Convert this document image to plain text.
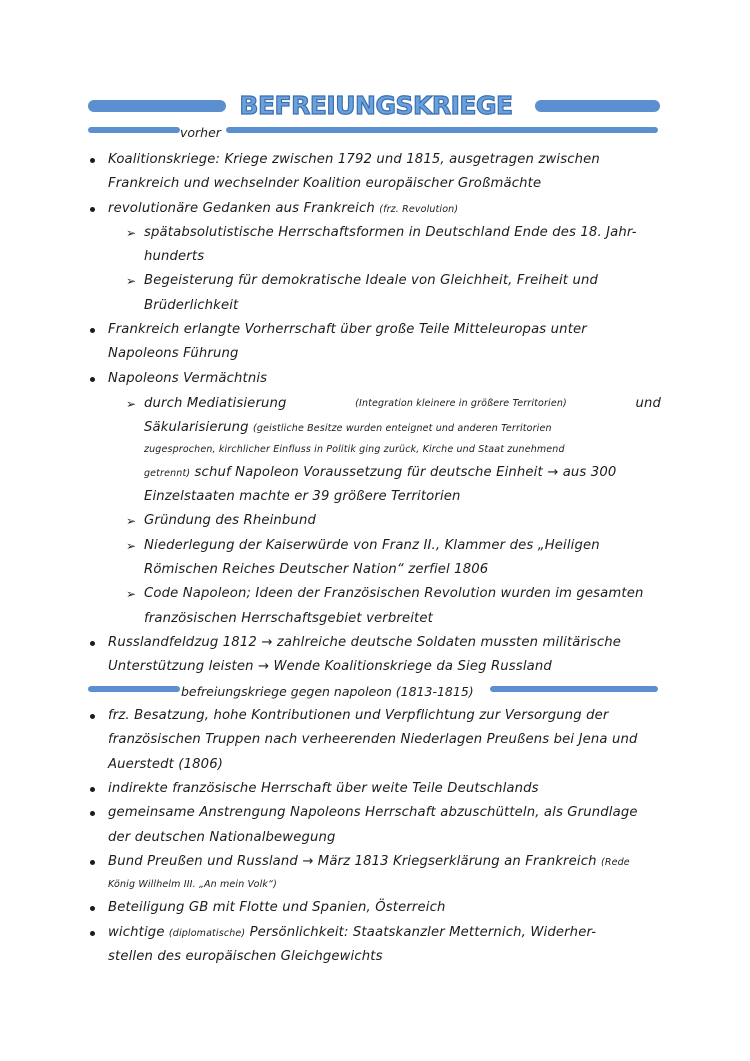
BEFREIUNGSKRIEGE
vorher
Koalitionskriege: Kriege zwischen 1792 und 1815, ausgetragen zwischen
Frankreich und wechselnder Koalition europäischer Großmächte
revolutionäre Gedanken aus Frankreich (frz. Revolution)
➢ spätabsolutistische Herrschaftsformen in Deutschland Ende des 18. Jahr-
hunderts
➢ Begeisterung für demokratische Ideale von Gleichheit, Freiheit und
Brüderlichkeit
Frankreich erlangte Vorherrschaft über große Teile Mitteleuropas unter
Napoleons Führung
Napoleons Vermächtnis
➢ durch Mediatisierung	(Integration kleinere in größere Territorien)	und
Säkularisierung (geistliche Besitze wurden enteignet und anderen Territorien
zugesprochen, kirchlicher Einfluss in Politik ging zurück, Kirche und Staat zunehmend
getrennt) schuf Napoleon Voraussetzung für deutsche Einheit → aus 300
Einzelstaaten machte er 39 größere Territorien
➢ Gründung des Rheinbund
➢ Niederlegung der Kaiserwürde von Franz II., Klammer des „Heiligen
Römischen Reiches Deutscher Nation“ zerfiel 1806
➢ Code Napoleon; Ideen der Französischen Revolution wurden im gesamten
französischen Herrschaftsgebiet verbreitet
Russlandfeldzug 1812 → zahlreiche deutsche Soldaten mussten militärische
Unterstützung leisten → Wende Koalitionskriege da Sieg Russland
befreiungskriege gegen napoleon (1813-1815)
frz. Besatzung, hohe Kontributionen und Verpflichtung zur Versorgung der
französischen Truppen nach verheerenden Niederlagen Preußens bei Jena und
Auerstedt (1806)
indirekte französische Herrschaft über weite Teile Deutschlands
gemeinsame Anstrengung Napoleons Herrschaft abzuschütteln, als Grundlage
der deutschen Nationalbewegung
Bund Preußen und Russland → März 1813 Kriegserklärung an Frankreich (Rede
König Willhelm III. „An mein Volk“)
Beteiligung GB mit Flotte und Spanien, Österreich
wichtige (diplomatische) Persönlichkeit: Staatskanzler Metternich, Widerher-
stellen des europäischen Gleichgewichts
